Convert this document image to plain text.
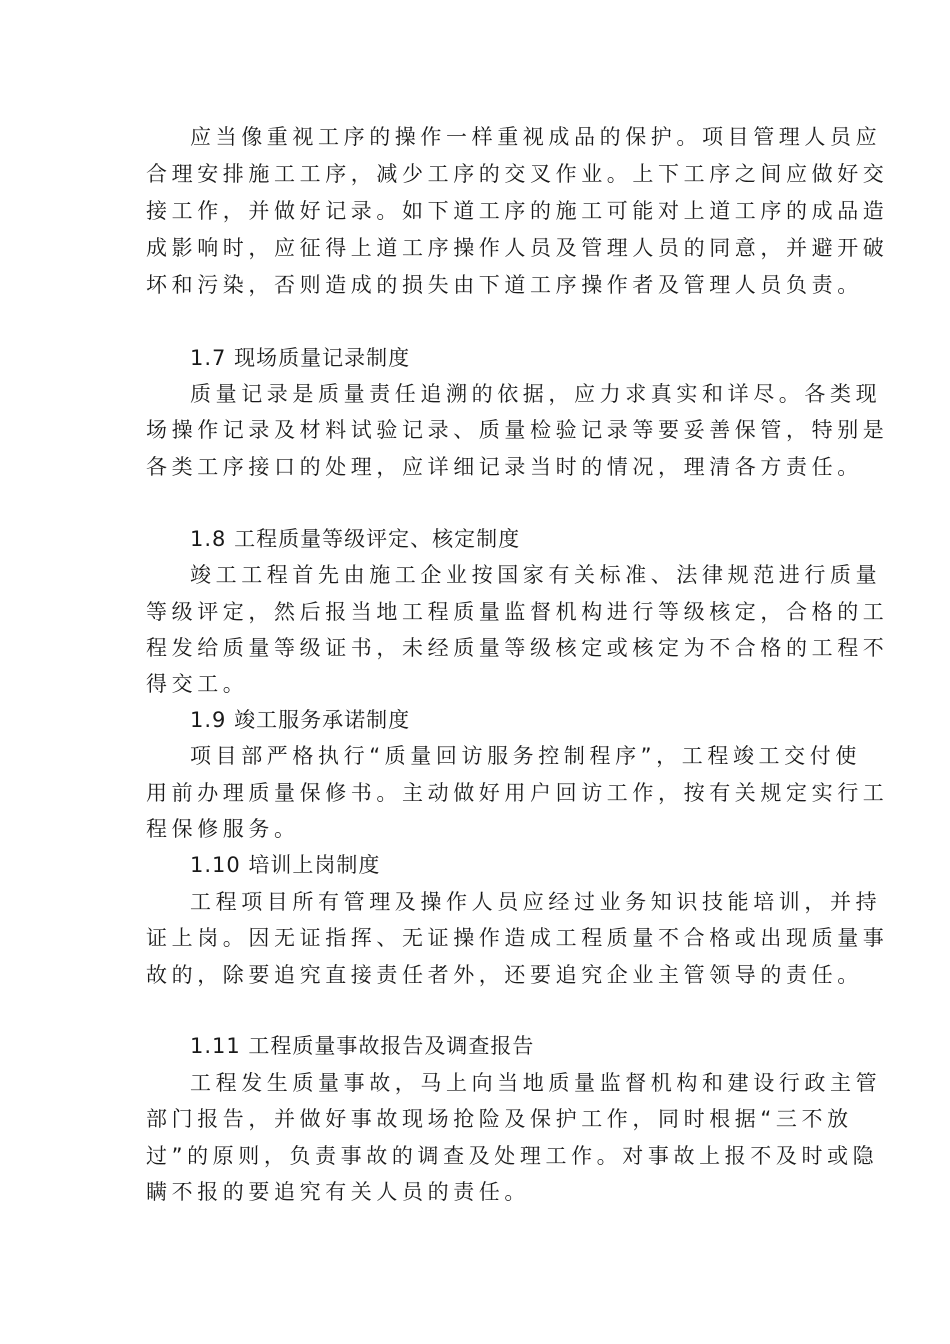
应当像重视工序的操作一样重视成品的保护。项目管理人员应
合理安排施工工序，减少工序的交叉作业。上下工序之间应做好交
接工作，并做好记录。如下道工序的施工可能对上道工序的成品造
成影响时，应征得上道工序操作人员及管理人员的同意，并避开破
坏和污染，否则造成的损失由下道工序操作者及管理人员负责。
1.7 现场质量记录制度
质量记录是质量责任追溯的依据，应力求真实和详尽。各类现
场操作记录及材料试验记录、质量检验记录等要妥善保管，特别是
各类工序接口的处理，应详细记录当时的情况，理清各方责任。
1.8 工程质量等级评定、核定制度
竣工工程首先由施工企业按国家有关标准、法律规范进行质量
等级评定，然后报当地工程质量监督机构进行等级核定，合格的工
程发给质量等级证书，未经质量等级核定或核定为不合格的工程不
得交工。
1.9 竣工服务承诺制度
项目部严格执行“质量回访服务控制程序”，工程竣工交付使
用前办理质量保修书。主动做好用户回访工作，按有关规定实行工
程保修服务。
1.10 培训上岗制度
工程项目所有管理及操作人员应经过业务知识技能培训，并持
证上岗。因无证指挥、无证操作造成工程质量不合格或出现质量事
故的，除要追究直接责任者外，还要追究企业主管领导的责任。
1.11 工程质量事故报告及调查报告
工程发生质量事故，马上向当地质量监督机构和建设行政主管
部门报告，并做好事故现场抢险及保护工作，同时根据“三不放
过”的原则，负责事故的调查及处理工作。对事故上报不及时或隐
瞒不报的要追究有关人员的责任。
